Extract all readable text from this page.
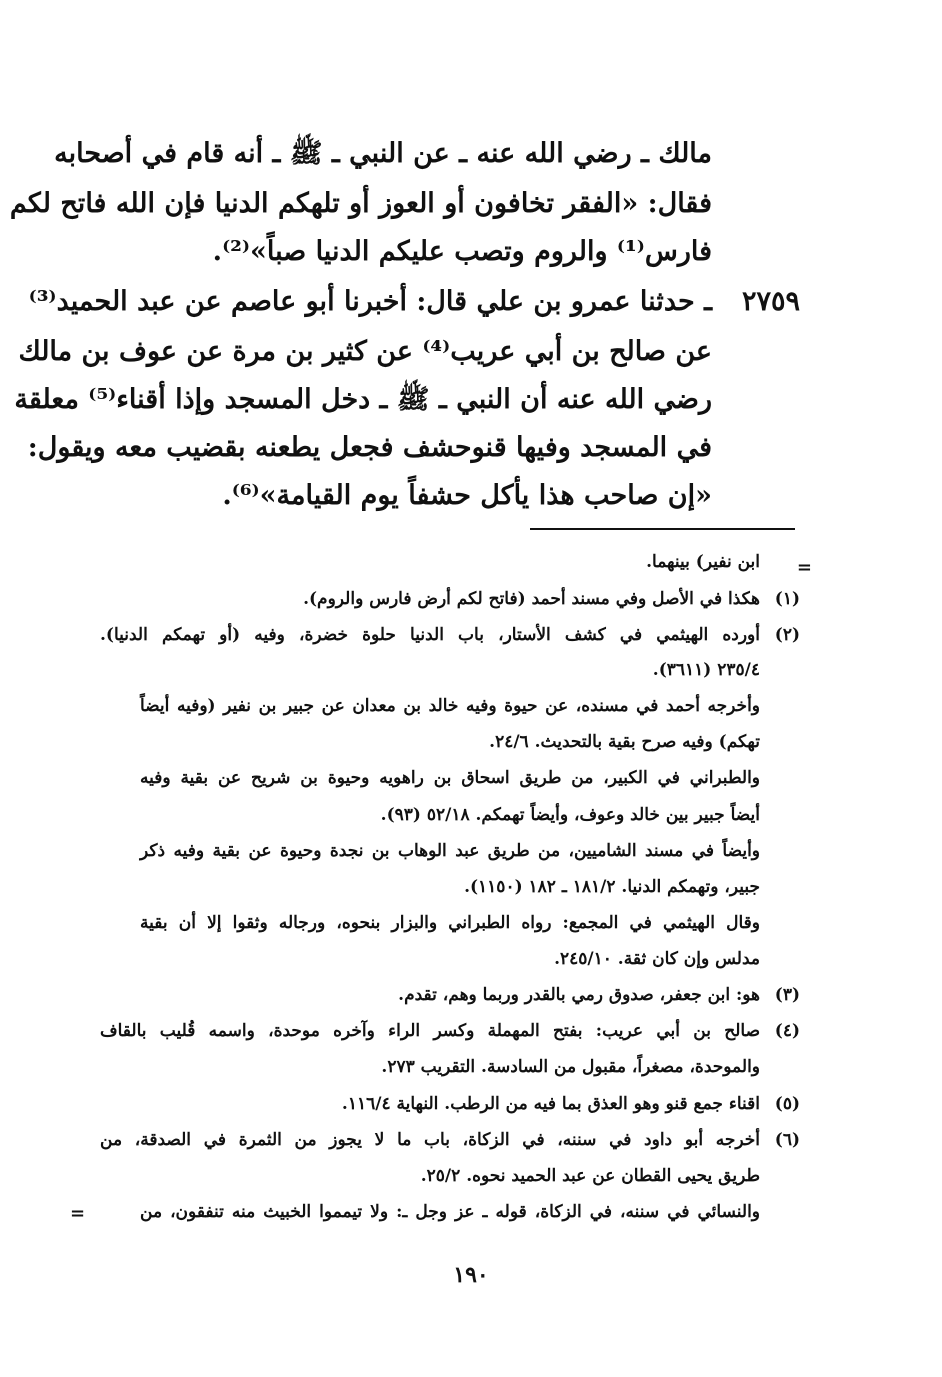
مالك ـ رضي الله عنه ـ عن النبي ـ ﷺ ـ أنه قام في أصحابه
فقال: «الفقر تخافون أو العوز أو تلهكم الدنيا فإن الله فاتح لكم
فارس⁽¹⁾ والروم وتصب عليكم الدنيا صباً»⁽²⁾.
٢٧٥٩
ـ حدثنا عمرو بن علي قال: أخبرنا أبو عاصم عن عبد الحميد⁽³⁾
عن صالح بن أبي عريب⁽⁴⁾ عن كثير بن مرة عن عوف بن مالك
رضي الله عنه أن النبي ـ ﷺ ـ دخل المسجد وإذا أقناء⁽⁵⁾ معلقة
في المسجد وفيها قنوحشف فجعل يطعنه بقضيب معه ويقول:
«إن صاحب هذا يأكل حشفاً يوم القيامة»⁽⁶⁾.
=
ابن نفير) بينهما.
(١)
هكذا في الأصل وفي مسند أحمد (فاتح لكم أرض فارس والروم).
(٢)
أورده الهيثمي في كشف الأستار، باب الدنيا حلوة خضرة، وفيه (أو تهمكم الدنيا).
٢٣٥/٤ (٣٦١١).
وأخرجه أحمد في مسنده، عن حيوة وفيه خالد بن معدان عن جبير بن نفير (وفيه أيضاً
تهكم) وفيه صرح بقية بالتحديث. ٢٤/٦.
والطبراني في الكبير، من طريق اسحاق بن راهويه وحيوة بن شريح عن بقية وفيه
أيضاً جبير بين خالد وعوف، وأيضاً تهمكم. ٥٢/١٨ (٩٣).
وأيضاً في مسند الشاميين، من طريق عبد الوهاب بن نجدة وحيوة عن بقية وفيه ذكر
جبير، وتهمكم الدنيا. ١٨١/٢ ـ ١٨٢ (١١٥٠).
وقال الهيثمي في المجمع: رواه الطبراني والبزار بنحوه، ورجاله وثقوا إلا أن بقية
مدلس وإن كان ثقة. ٢٤٥/١٠.
(٣)
هو: ابن جعفر، صدوق رمي بالقدر وربما وهم، تقدم.
(٤)
صالح بن أبي عريب: بفتح المهملة وكسر الراء وآخره موحدة، واسمه قُليب بالقاف
والموحدة، مصغراً، مقبول من السادسة. التقريب ٢٧٣.
(٥)
اقناء جمع قنو وهو العذق بما فيه من الرطب. النهاية ١١٦/٤.
(٦)
أخرجه أبو داود في سننه، في الزكاة، باب ما لا يجوز من الثمرة في الصدقة، من
طريق يحيى القطان عن عبد الحميد نحوه. ٢٥/٢.
والنسائي في سننه، في الزكاة، قوله ـ عز وجل ـ: ولا تيمموا الخبيث منه تنفقون، من
=
١٩٠
